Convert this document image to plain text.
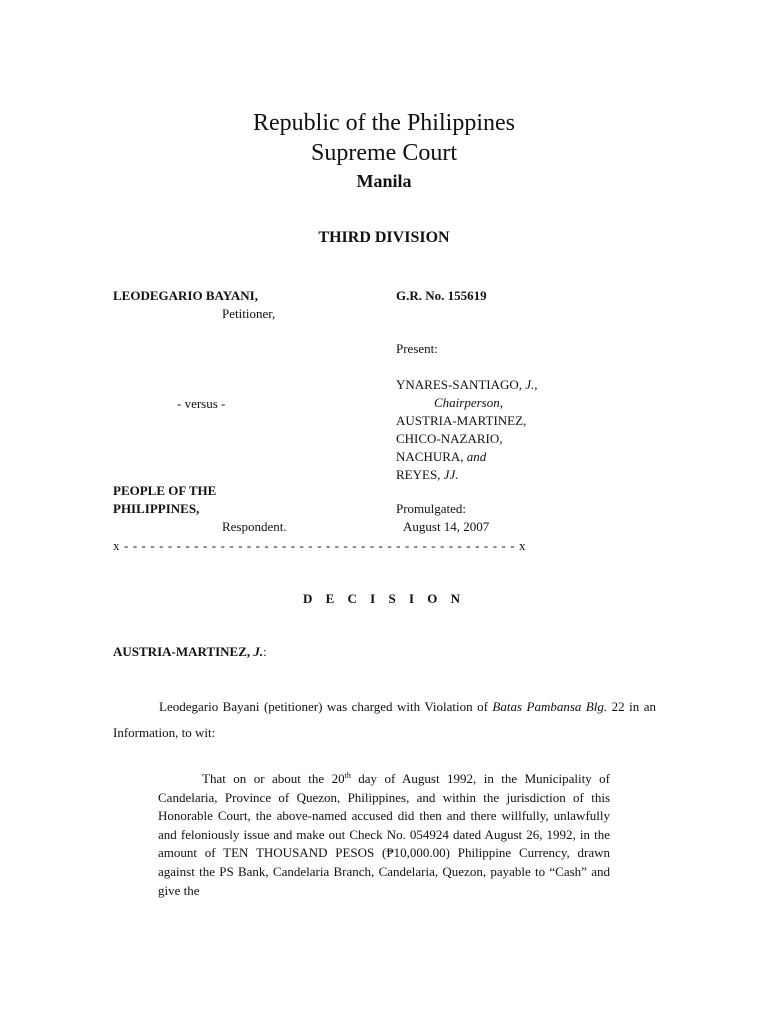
Republic of the Philippines
Supreme Court
Manila
THIRD DIVISION
LEODEGARIO BAYANI,
Petitioner,
- versus -
PEOPLE OF THE
PHILIPPINES,
Respondent.
G.R. No. 155619
Present:
YNARES-SANTIAGO, J.,
Chairperson,
AUSTRIA-MARTINEZ,
CHICO-NAZARIO,
NACHURA, and
REYES, JJ.
Promulgated:
August 14, 2007
x - - - - - - - - - - - - - - - - - - - - - - - - - - - - - - - - - - - - - - - - - - - - - x
D E C I S I O N
AUSTRIA-MARTINEZ, J.:
Leodegario Bayani (petitioner) was charged with Violation of Batas Pambansa Blg. 22 in an Information, to wit:
That on or about the 20th day of August 1992, in the Municipality of Candelaria, Province of Quezon, Philippines, and within the jurisdiction of this Honorable Court, the above-named accused did then and there willfully, unlawfully and feloniously issue and make out Check No. 054924 dated August 26, 1992, in the amount of TEN THOUSAND PESOS (₱10,000.00) Philippine Currency, drawn against the PS Bank, Candelaria Branch, Candelaria, Quezon, payable to “Cash” and give the
